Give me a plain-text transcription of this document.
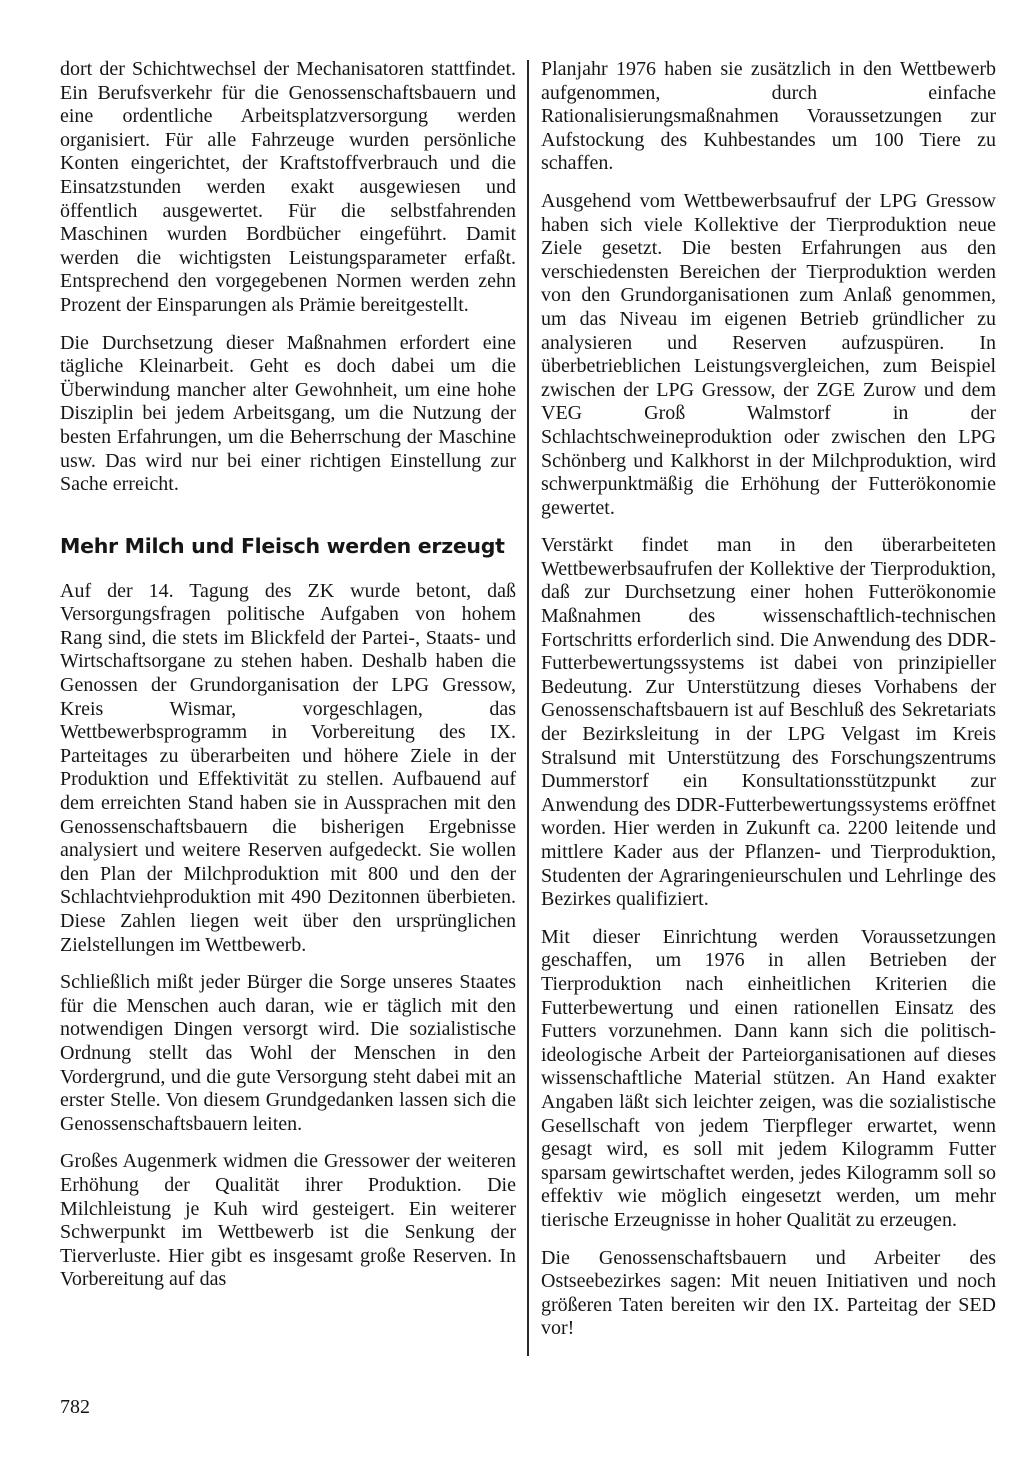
dort der Schichtwechsel der Mechanisatoren stattfindet. Ein Berufsverkehr für die Genossenschaftsbauern und eine ordentliche Arbeitsplatzversorgung werden organisiert. Für alle Fahrzeuge wurden persönliche Konten eingerichtet, der Kraftstoffverbrauch und die Einsatzstunden werden exakt ausgewiesen und öffentlich ausgewertet. Für die selbstfahrenden Maschinen wurden Bordbücher eingeführt. Damit werden die wichtigsten Leistungsparameter erfaßt. Entsprechend den vorgegebenen Normen werden zehn Prozent der Einsparungen als Prämie bereitgestellt.

Die Durchsetzung dieser Maßnahmen erfordert eine tägliche Kleinarbeit. Geht es doch dabei um die Überwindung mancher alter Gewohnheit, um eine hohe Disziplin bei jedem Arbeitsgang, um die Nutzung der besten Erfahrungen, um die Beherrschung der Maschine usw. Das wird nur bei einer richtigen Einstellung zur Sache erreicht.

Mehr Milch und Fleisch werden erzeugt

Auf der 14. Tagung des ZK wurde betont, daß Versorgungsfragen politische Aufgaben von hohem Rang sind, die stets im Blickfeld der Partei-, Staats- und Wirtschaftsorgane zu stehen haben. Deshalb haben die Genossen der Grundorganisation der LPG Gressow, Kreis Wismar, vorgeschlagen, das Wettbewerbsprogramm in Vorbereitung des IX. Parteitages zu überarbeiten und höhere Ziele in der Produktion und Effektivität zu stellen. Aufbauend auf dem erreichten Stand haben sie in Aussprachen mit den Genossenschaftsbauern die bisherigen Ergebnisse analysiert und weitere Reserven aufgedeckt. Sie wollen den Plan der Milchproduktion mit 800 und den der Schlachtviehproduktion mit 490 Dezitonnen überbieten. Diese Zahlen liegen weit über den ursprünglichen Zielstellungen im Wettbewerb.

Schließlich mißt jeder Bürger die Sorge unseres Staates für die Menschen auch daran, wie er täglich mit den notwendigen Dingen versorgt wird. Die sozialistische Ordnung stellt das Wohl der Menschen in den Vordergrund, und die gute Versorgung steht dabei mit an erster Stelle. Von diesem Grundgedanken lassen sich die Genossenschaftsbauern leiten.

Großes Augenmerk widmen die Gressower der weiteren Erhöhung der Qualität ihrer Produktion. Die Milchleistung je Kuh wird gesteigert. Ein weiterer Schwerpunkt im Wettbewerb ist die Senkung der Tierverluste. Hier gibt es insgesamt große Reserven. In Vorbereitung auf das

Planjahr 1976 haben sie zusätzlich in den Wettbewerb aufgenommen, durch einfache Rationalisierungsmaßnahmen Voraussetzungen zur Aufstockung des Kuhbestandes um 100 Tiere zu schaffen.

Ausgehend vom Wettbewerbsaufruf der LPG Gressow haben sich viele Kollektive der Tierproduktion neue Ziele gesetzt. Die besten Erfahrungen aus den verschiedensten Bereichen der Tierproduktion werden von den Grundorganisationen zum Anlaß genommen, um das Niveau im eigenen Betrieb gründlicher zu analysieren und Reserven aufzuspüren. In überbetrieblichen Leistungsvergleichen, zum Beispiel zwischen der LPG Gressow, der ZGE Zurow und dem VEG Groß Walmstorf in der Schlachtschweineproduktion oder zwischen den LPG Schönberg und Kalkhorst in der Milchproduktion, wird schwerpunktmäßig die Erhöhung der Futterökonomie gewertet.

Verstärkt findet man in den überarbeiteten Wettbewerbsaufrufen der Kollektive der Tierproduktion, daß zur Durchsetzung einer hohen Futterökonomie Maßnahmen des wissenschaftlich-technischen Fortschritts erforderlich sind. Die Anwendung des DDR-Futterbewertungssystems ist dabei von prinzipieller Bedeutung. Zur Unterstützung dieses Vorhabens der Genossenschaftsbauern ist auf Beschluß des Sekretariats der Bezirksleitung in der LPG Velgast im Kreis Stralsund mit Unterstützung des Forschungszentrums Dummerstorf ein Konsultationsstützpunkt zur Anwendung des DDR-Futterbewertungssystems eröffnet worden. Hier werden in Zukunft ca. 2200 leitende und mittlere Kader aus der Pflanzen- und Tierproduktion, Studenten der Agraringenieurschulen und Lehrlinge des Bezirkes qualifiziert.

Mit dieser Einrichtung werden Voraussetzungen geschaffen, um 1976 in allen Betrieben der Tierproduktion nach einheitlichen Kriterien die Futterbewertung und einen rationellen Einsatz des Futters vorzunehmen. Dann kann sich die politisch-ideologische Arbeit der Parteiorganisationen auf dieses wissenschaftliche Material stützen. An Hand exakter Angaben läßt sich leichter zeigen, was die sozialistische Gesellschaft von jedem Tierpfleger erwartet, wenn gesagt wird, es soll mit jedem Kilogramm Futter sparsam gewirtschaftet werden, jedes Kilogramm soll so effektiv wie möglich eingesetzt werden, um mehr tierische Erzeugnisse in hoher Qualität zu erzeugen.

Die Genossenschaftsbauern und Arbeiter des Ostseebezirkes sagen: Mit neuen Initiativen und noch größeren Taten bereiten wir den IX. Parteitag der SED vor!

782
